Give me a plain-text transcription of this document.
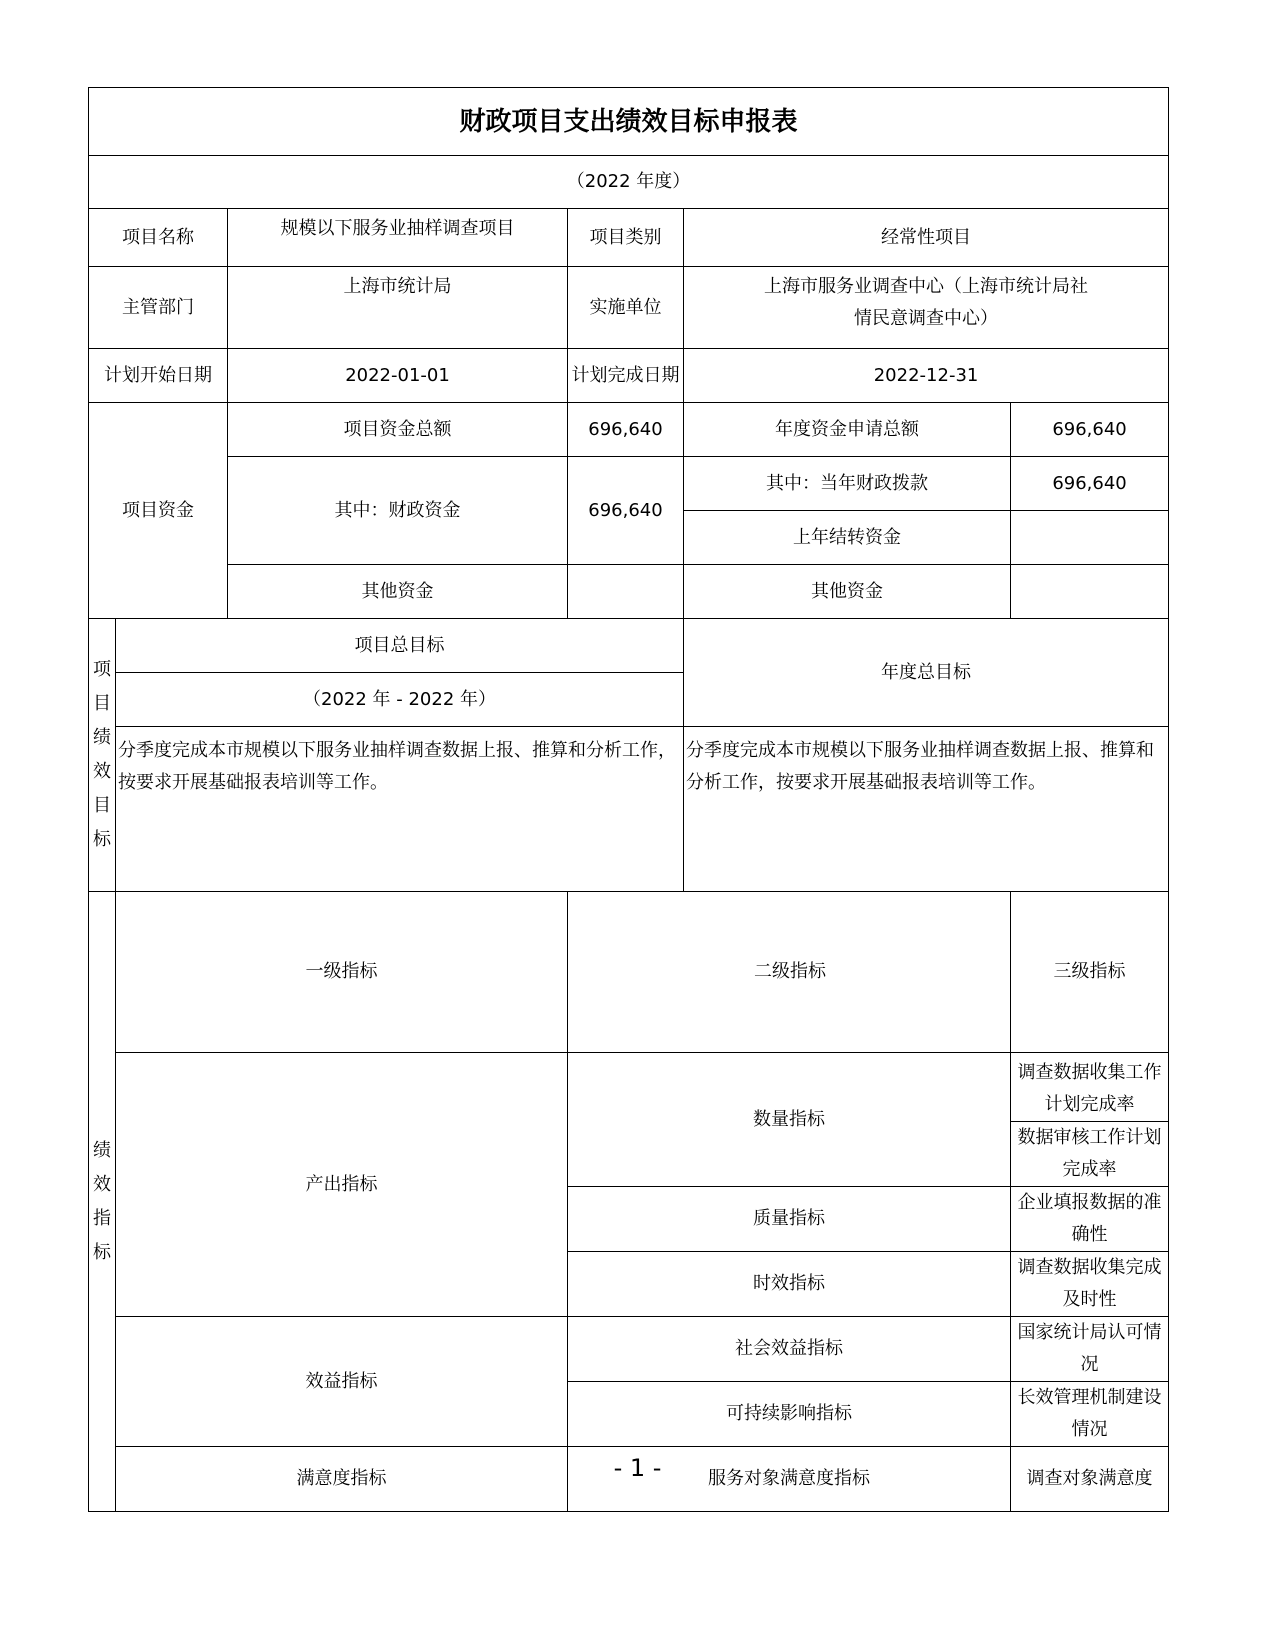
财政项目支出绩效目标申报表						
（2022 年度）						
项目名称		规模以下服务业抽样调查项目	项目类别	经常性项目		
主管部门		上海市统计局	实施单位	上海市服务业调查中心（上海市统计局社情民意调查中心）		
计划开始日期		2022-01-01	计划完成日期	2022-12-31		
项目资金		项目资金总额	696,640	年度资金申请总额	696,640	
		其中：财政资金	696,640	其中：当年财政拨款	696,640	
				上年结转资金		
		其他资金		其他资金		
项目绩效目标	项目总目标			年度总目标		
	（2022 年 - 2022 年）					
	分季度完成本市规模以下服务业抽样调查数据上报、推算和分析工作，按要求开展基础报表培训等工作。			分季度完成本市规模以下服务业抽样调查数据上报、推算和分析工作，按要求开展基础报表培训等工作。		
绩效指标	一级指标		二级指标		三级指标	
	产出指标		数量指标		调查数据收集工作计划完成率	
					数据审核工作计划完成率	
			质量指标		企业填报数据的准确性	
			时效指标		调查数据收集完成及时性	
	效益指标		社会效益指标		国家统计局认可情况	
			可持续影响指标		长效管理机制建设情况	
	满意度指标		服务对象满意度指标		调查对象满意度	
- 1 -
